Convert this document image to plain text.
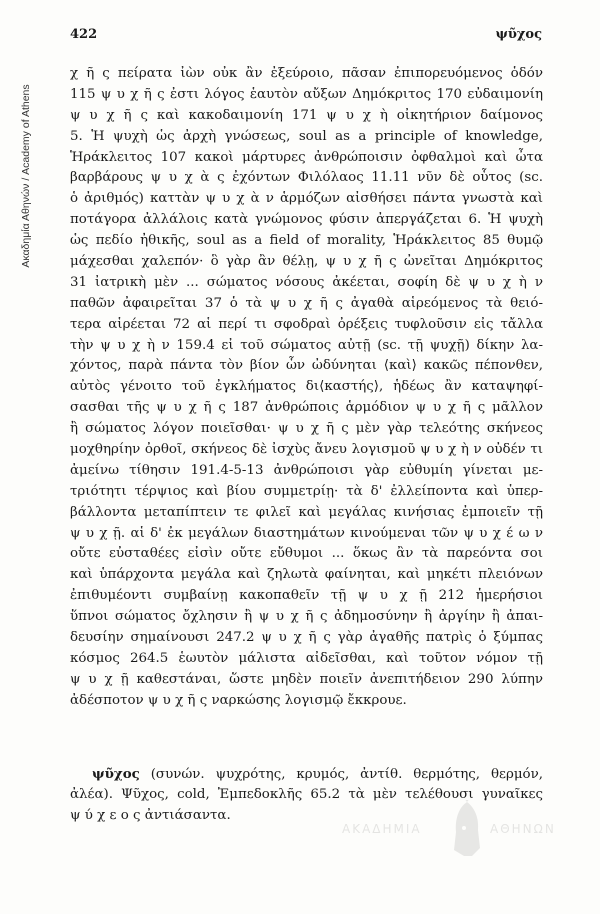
Ακαδημία Αθηνών / Academy of Athens
422	ψῦχος
χ ῆ ς πείρατα ἰὼν οὐκ ἂν ἐξεύροιο, πᾶσαν ἐπιπορευόμενος ὁδόν
115 ψ υ χ ῆ ς ἐστι λόγος ἑαυτὸν αὔξων Δημόκριτος 170 εὐδαιμονίη
ψ υ χ ῆ ς καὶ κακοδαιμονίη 171 ψ υ χ ὴ οἰκητήριον δαίμονος
5. Ἡ ψυχὴ ὡς ἀρχὴ γνώσεως, soul as a principle of knowledge,
Ἡράκλειτος 107 κακοὶ μάρτυρες ἀνθρώποισιν ὀφθαλμοὶ καὶ ὦτα
βαρβάρους ψ υ χ ὰ ς ἐχόντων Φιλόλαος 11.11 νῦν δὲ οὗτος (sc.
ὁ ἀριθμός) καττὰν ψ υ χ ὰ ν ἁρμόζων αἰσθήσει πάντα γνωστὰ καὶ
ποτάγορα ἀλλάλοις κατὰ γνώμονος φύσιν ἀπεργάζεται 6. Ἡ ψυχὴ
ὡς πεδίο ἠθικῆς, soul as a field of morality, Ἡράκλειτος 85 θυμῷ
μάχεσθαι χαλεπόν· ὃ γὰρ ἂν θέλῃ, ψ υ χ ῆ ς ὠνεῖται Δημόκριτος
31 ἰατρικὴ μὲν ... σώματος νόσους ἀκέεται, σοφίη δὲ ψ υ χ ὴ ν
παθῶν ἀφαιρεῖται 37 ὁ τὰ ψ υ χ ῆ ς ἀγαθὰ αἱρεόμενος τὰ θειό-
τερα αἱρέεται 72 αἱ περί τι σφοδραὶ ὀρέξεις τυφλοῦσιν εἰς τἄλλα
τὴν ψ υ χ ὴ ν 159.4 εἰ τοῦ σώματος αὐτῇ (sc. τῇ ψυχῇ) δίκην λα-
χόντος, παρὰ πάντα τὸν βίον ὧν ὠδύνηται ⟨καὶ⟩ κακῶς πέπονθεν,
αὐτὸς γένοιτο τοῦ ἐγκλήματος δι⟨καστής⟩, ἡδέως ἂν καταψηφί-
σασθαι τῆς ψ υ χ ῆ ς 187 ἀνθρώποις ἁρμόδιον ψ υ χ ῆ ς μᾶλλον
ἢ σώματος λόγον ποιεῖσθαι· ψ υ χ ῆ ς μὲν γὰρ τελεότης σκήνεος
μοχθηρίην ὀρθοῖ, σκήνεος δὲ ἰσχὺς ἄνευ λογισμοῦ ψ υ χ ὴ ν οὐδέν τι
ἀμείνω τίθησιν 191.4-5-13 ἀνθρώποισι γὰρ εὐθυμίη γίνεται με-
τριότητι τέρψιος καὶ βίου συμμετρίῃ· τὰ δ' ἐλλείποντα καὶ ὑπερ-
βάλλοντα μεταπίπτειν τε φιλεῖ καὶ μεγάλας κινήσιας ἐμποιεῖν τῇ
ψ υ χ ῇ. αἱ δ' ἐκ μεγάλων διαστημάτων κινούμεναι τῶν ψ υ χ έ ω ν
οὔτε εὐσταθέες εἰσὶν οὔτε εὔθυμοι ... ὅκως ἂν τὰ παρεόντα σοι
καὶ ὑπάρχοντα μεγάλα καὶ ζηλωτὰ φαίνηται, καὶ μηκέτι πλειόνων
ἐπιθυμέοντι συμβαίνῃ κακοπαθεῖν τῇ ψ υ χ ῇ 212 ἡμερήσιοι
ὕπνοι σώματος ὄχλησιν ἢ ψ υ χ ῆ ς ἀδημοσύνην ἢ ἀργίην ἢ ἀπαι-
δευσίην σημαίνουσι 247.2 ψ υ χ ῆ ς γὰρ ἀγαθῆς πατρὶς ὁ ξύμπας
κόσμος 264.5 ἑωυτὸν μάλιστα αἰδεῖσθαι, καὶ τοῦτον νόμον τῇ
ψ υ χ ῇ καθεστάναι, ὥστε μηδὲν ποιεῖν ἀνεπιτήδειον 290 λύπην
ἀδέσποτον ψ υ χ ῆ ς ναρκώσης λογισμῷ ἔκκρουε.
ψῦχος (συνών. ψυχρότης, κρυμός, ἀντίθ. θερμότης, θερμόν,
ἀλέα). Ψῦχος, cold, Ἐμπεδοκλῆς 65.2 τὰ μὲν τελέθουσι γυναῖκες
ψ ύ χ ε ο ς ἀντιάσαντα.
ΑΚΑΔΗΜΙΑ	ΑΘΗΝΩΝ
